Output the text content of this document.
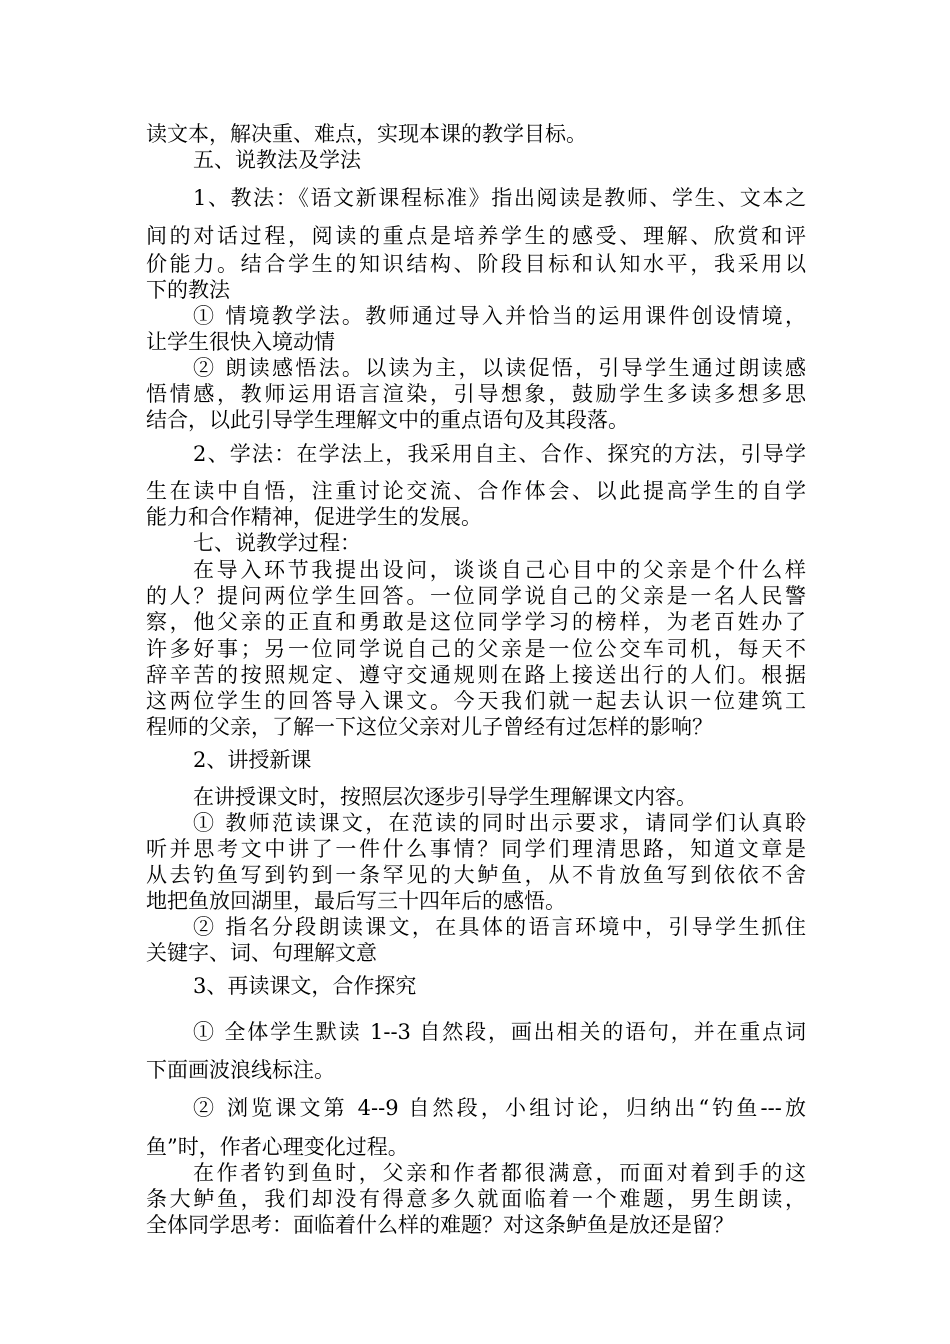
读文本，解决重、难点，实现本课的教学目标。
五、说教法及学法
1、教法：《语文新课程标准》指出阅读是教师、学生、文本之
间的对话过程，阅读的重点是培养学生的感受、理解、欣赏和评
价能力。结合学生的知识结构、阶段目标和认知水平，我采用以
下的教法
① 情境教学法。教师通过导入并恰当的运用课件创设情境，
让学生很快入境动情
② 朗读感悟法。以读为主，以读促悟，引导学生通过朗读感
悟情感，教师运用语言渲染，引导想象，鼓励学生多读多想多思
结合，以此引导学生理解文中的重点语句及其段落。
2、学法：在学法上，我采用自主、合作、探究的方法，引导学
生在读中自悟，注重讨论交流、合作体会、以此提高学生的自学
能力和合作精神，促进学生的发展。
七、说教学过程：
在导入环节我提出设问，谈谈自己心目中的父亲是个什么样
的人？提问两位学生回答。一位同学说自己的父亲是一名人民警
察，他父亲的正直和勇敢是这位同学学习的榜样，为老百姓办了
许多好事；另一位同学说自己的父亲是一位公交车司机，每天不
辞辛苦的按照规定、遵守交通规则在路上接送出行的人们。根据
这两位学生的回答导入课文。今天我们就一起去认识一位建筑工
程师的父亲，了解一下这位父亲对儿子曾经有过怎样的影响？
2、讲授新课
在讲授课文时，按照层次逐步引导学生理解课文内容。
① 教师范读课文，在范读的同时出示要求，请同学们认真聆
听并思考文中讲了一件什么事情？同学们理清思路，知道文章是
从去钓鱼写到钓到一条罕见的大鲈鱼，从不肯放鱼写到依依不舍
地把鱼放回湖里，最后写三十四年后的感悟。
② 指名分段朗读课文，在具体的语言环境中，引导学生抓住
关键字、词、句理解文意
3、再读课文，合作探究
① 全体学生默读 1--3 自然段，画出相关的语句，并在重点词
下面画波浪线标注。
② 浏览课文第 4--9 自然段，小组讨论，归纳出“钓鱼---放
鱼”时，作者心理变化过程。
在作者钓到鱼时，父亲和作者都很满意，而面对着到手的这
条大鲈鱼，我们却没有得意多久就面临着一个难题，男生朗读，
全体同学思考：面临着什么样的难题？对这条鲈鱼是放还是留？
